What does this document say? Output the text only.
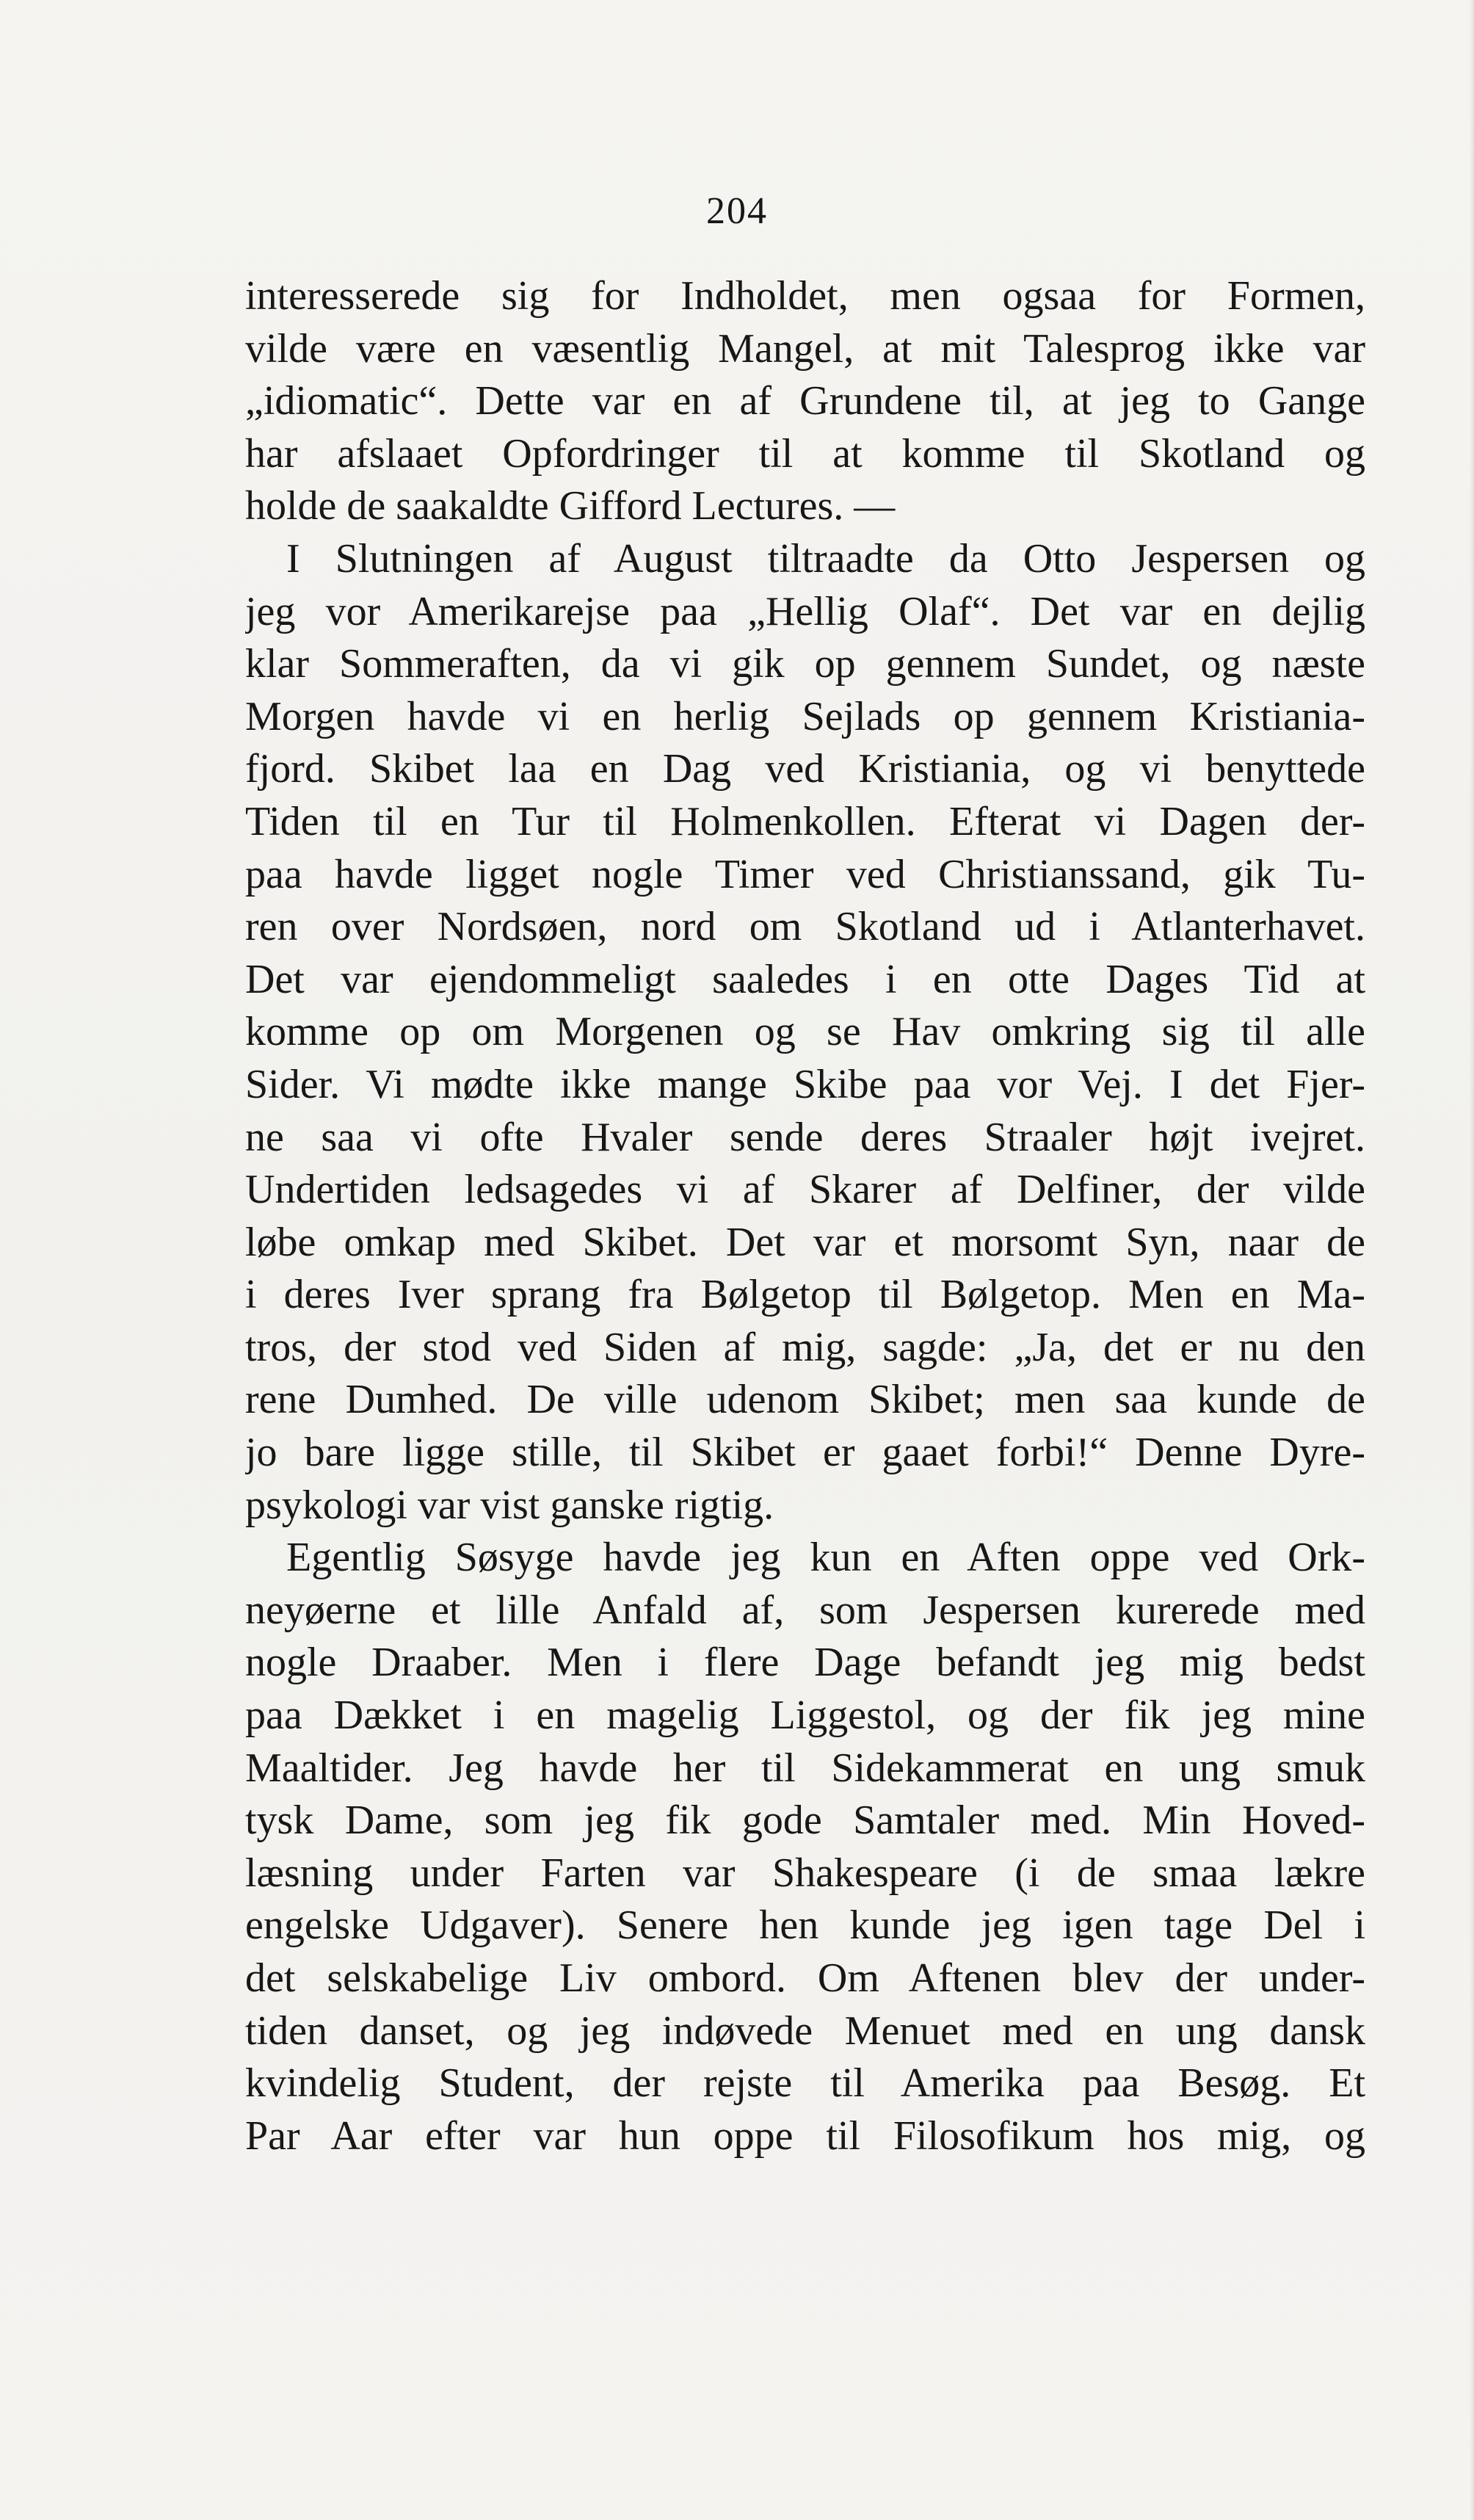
204
interesserede sig for Indholdet, men ogsaa for Formen,
vilde være en væsentlig Mangel, at mit Talesprog ikke var
„idiomatic“. Dette var en af Grundene til, at jeg to Gange
har afslaaet Opfordringer til at komme til Skotland og
holde de saakaldte Gifford Lectures. —
I Slutningen af August tiltraadte da Otto Jespersen og
jeg vor Amerikarejse paa „Hellig Olaf“. Det var en dejlig
klar Sommeraften, da vi gik op gennem Sundet, og næste
Morgen havde vi en herlig Sejlads op gennem Kristiania-
fjord. Skibet laa en Dag ved Kristiania, og vi benyttede
Tiden til en Tur til Holmenkollen. Efterat vi Dagen der-
paa havde ligget nogle Timer ved Christianssand, gik Tu-
ren over Nordsøen, nord om Skotland ud i Atlanterhavet.
Det var ejendommeligt saaledes i en otte Dages Tid at
komme op om Morgenen og se Hav omkring sig til alle
Sider. Vi mødte ikke mange Skibe paa vor Vej. I det Fjer-
ne saa vi ofte Hvaler sende deres Straaler højt ivejret.
Undertiden ledsagedes vi af Skarer af Delfiner, der vilde
løbe omkap med Skibet. Det var et morsomt Syn, naar de
i deres Iver sprang fra Bølgetop til Bølgetop. Men en Ma-
tros, der stod ved Siden af mig, sagde: „Ja, det er nu den
rene Dumhed. De ville udenom Skibet; men saa kunde de
jo bare ligge stille, til Skibet er gaaet forbi!“ Denne Dyre-
psykologi var vist ganske rigtig.
Egentlig Søsyge havde jeg kun en Aften oppe ved Ork-
neyøerne et lille Anfald af, som Jespersen kurerede med
nogle Draaber. Men i flere Dage befandt jeg mig bedst
paa Dækket i en magelig Liggestol, og der fik jeg mine
Maaltider. Jeg havde her til Sidekammerat en ung smuk
tysk Dame, som jeg fik gode Samtaler med. Min Hoved-
læsning under Farten var Shakespeare (i de smaa lækre
engelske Udgaver). Senere hen kunde jeg igen tage Del i
det selskabelige Liv ombord. Om Aftenen blev der under-
tiden danset, og jeg indøvede Menuet med en ung dansk
kvindelig Student, der rejste til Amerika paa Besøg. Et
Par Aar efter var hun oppe til Filosofikum hos mig, og
